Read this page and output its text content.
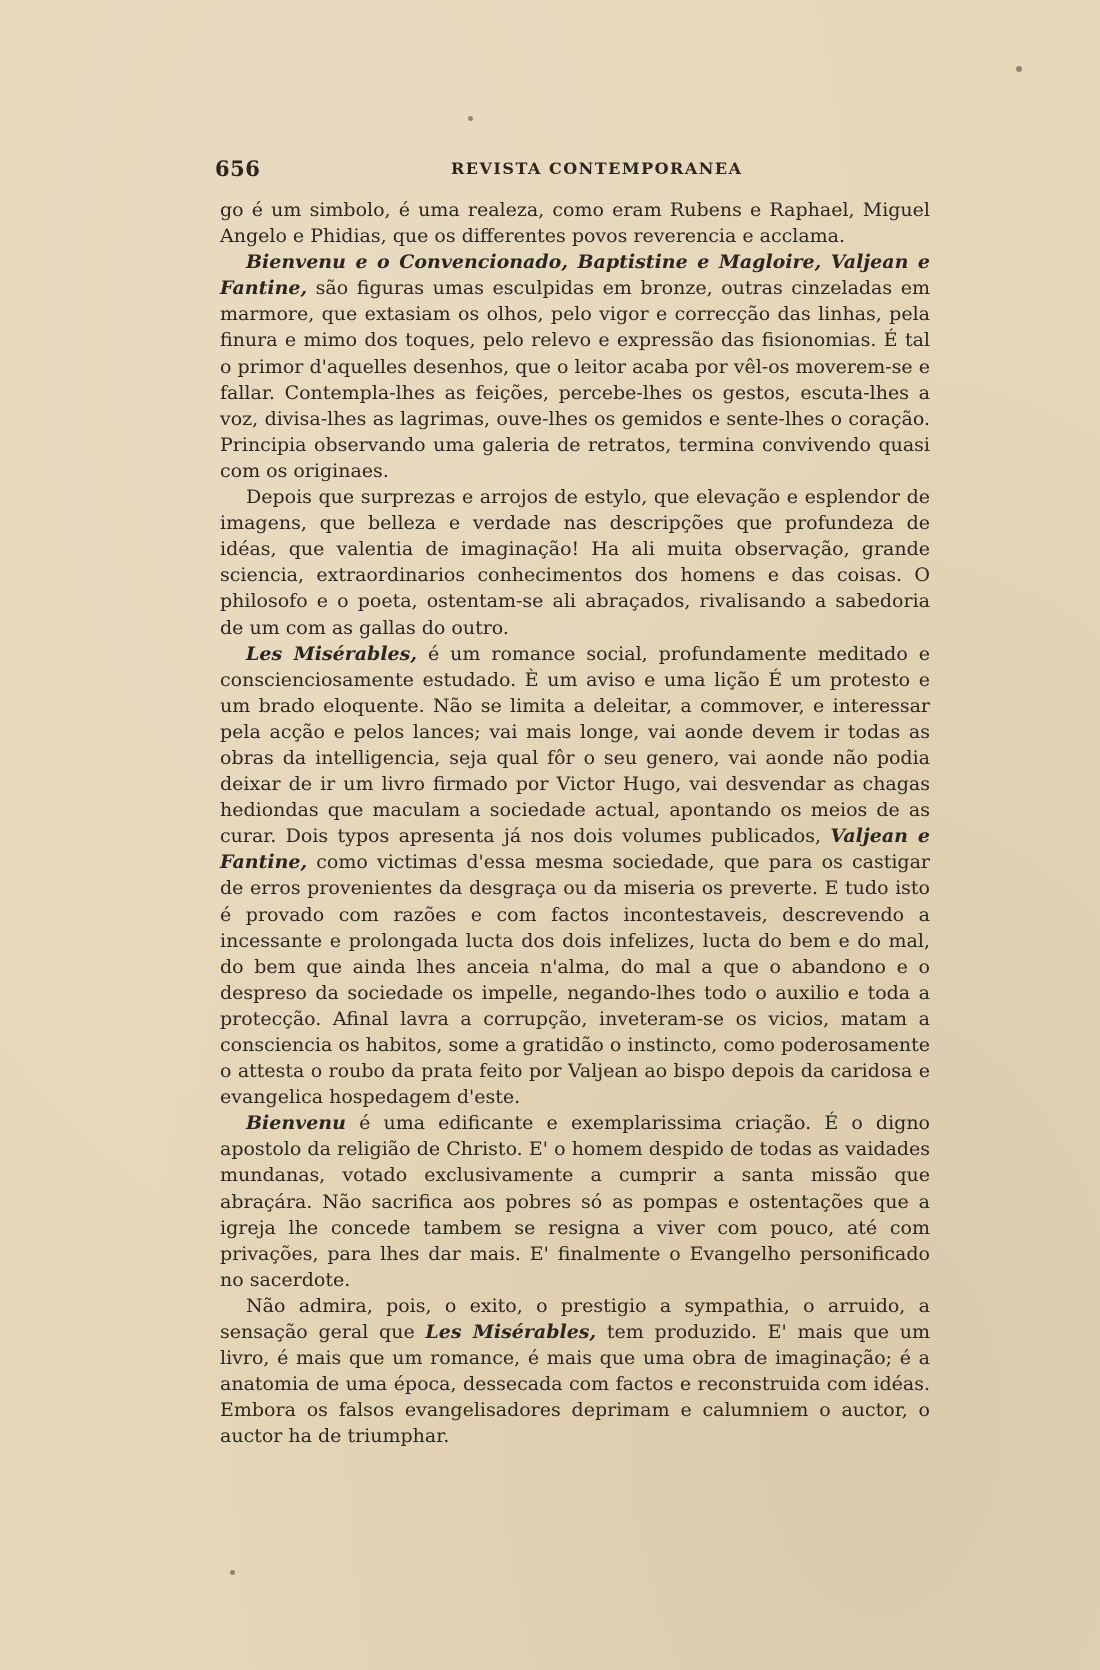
656	REVISTA CONTEMPORANEA

go é um simbolo, é uma realeza, como eram Rubens e Raphael, Miguel Angelo e Phidias, que os differentes povos reverencia e acclama.

Bienvenu e o Convencionado, Baptistine e Magloire, Valjean e Fantine, são figuras umas esculpidas em bronze, outras cinzeladas em marmore, que extasiam os olhos, pelo vigor e correcção das linhas, pela finura e mimo dos toques, pelo relevo e expressão das fisionomias. É tal o primor d'aquelles desenhos, que o leitor acaba por vêl-os moverem-se e fallar. Contempla-lhes as feições, percebe-lhes os gestos, escuta-lhes a voz, divisa-lhes as lagrimas, ouve-lhes os gemidos e sente-lhes o coração. Principia observando uma galeria de retratos, termina convivendo quasi com os originaes.

Depois que surprezas e arrojos de estylo, que elevação e esplendor de imagens, que belleza e verdade nas descripções que profundeza de idéas, que valentia de imaginação! Ha ali muita observação, grande sciencia, extraordinarios conhecimentos dos homens e das coisas. O philosofo e o poeta, ostentam-se ali abraçados, rivalisando a sabedoria de um com as gallas do outro.

Les Misérables, é um romance social, profundamente meditado e conscienciosamente estudado. È um aviso e uma lição É um protesto e um brado eloquente. Não se limita a deleitar, a commover, e interessar pela acção e pelos lances; vai mais longe, vai aonde devem ir todas as obras da intelligencia, seja qual fôr o seu genero, vai aonde não podia deixar de ir um livro firmado por Victor Hugo, vai desvendar as chagas hediondas que maculam a sociedade actual, apontando os meios de as curar. Dois typos apresenta já nos dois volumes publicados, Valjean e Fantine, como victimas d'essa mesma sociedade, que para os castigar de erros provenientes da desgraça ou da miseria os preverte. E tudo isto é provado com razões e com factos incontestaveis, descrevendo a incessante e prolongada lucta dos dois infelizes, lucta do bem e do mal, do bem que ainda lhes anceia n'alma, do mal a que o abandono e o despreso da sociedade os impelle, negando-lhes todo o auxilio e toda a protecção. Afinal lavra a corrupção, inveteram-se os vicios, matam a consciencia os habitos, some a gratidão o instincto, como poderosamente o attesta o roubo da prata feito por Valjean ao bispo depois da caridosa e evangelica hospedagem d'este.

Bienvenu é uma edificante e exemplarissima criação. É o digno apostolo da religião de Christo. E' o homem despido de todas as vaidades mundanas, votado exclusivamente a cumprir a santa missão que abraçára. Não sacrifica aos pobres só as pompas e ostentações que a igreja lhe concede tambem se resigna a viver com pouco, até com privações, para lhes dar mais. E' finalmente o Evangelho personificado no sacerdote.

Não admira, pois, o exito, o prestigio a sympathia, o arruido, a sensação geral que Les Misérables, tem produzido. E' mais que um livro, é mais que um romance, é mais que uma obra de imaginação; é a anatomia de uma época, dessecada com factos e reconstruida com idéas. Embora os falsos evangelisadores deprimam e calumniem o auctor, o auctor ha de triumphar.
